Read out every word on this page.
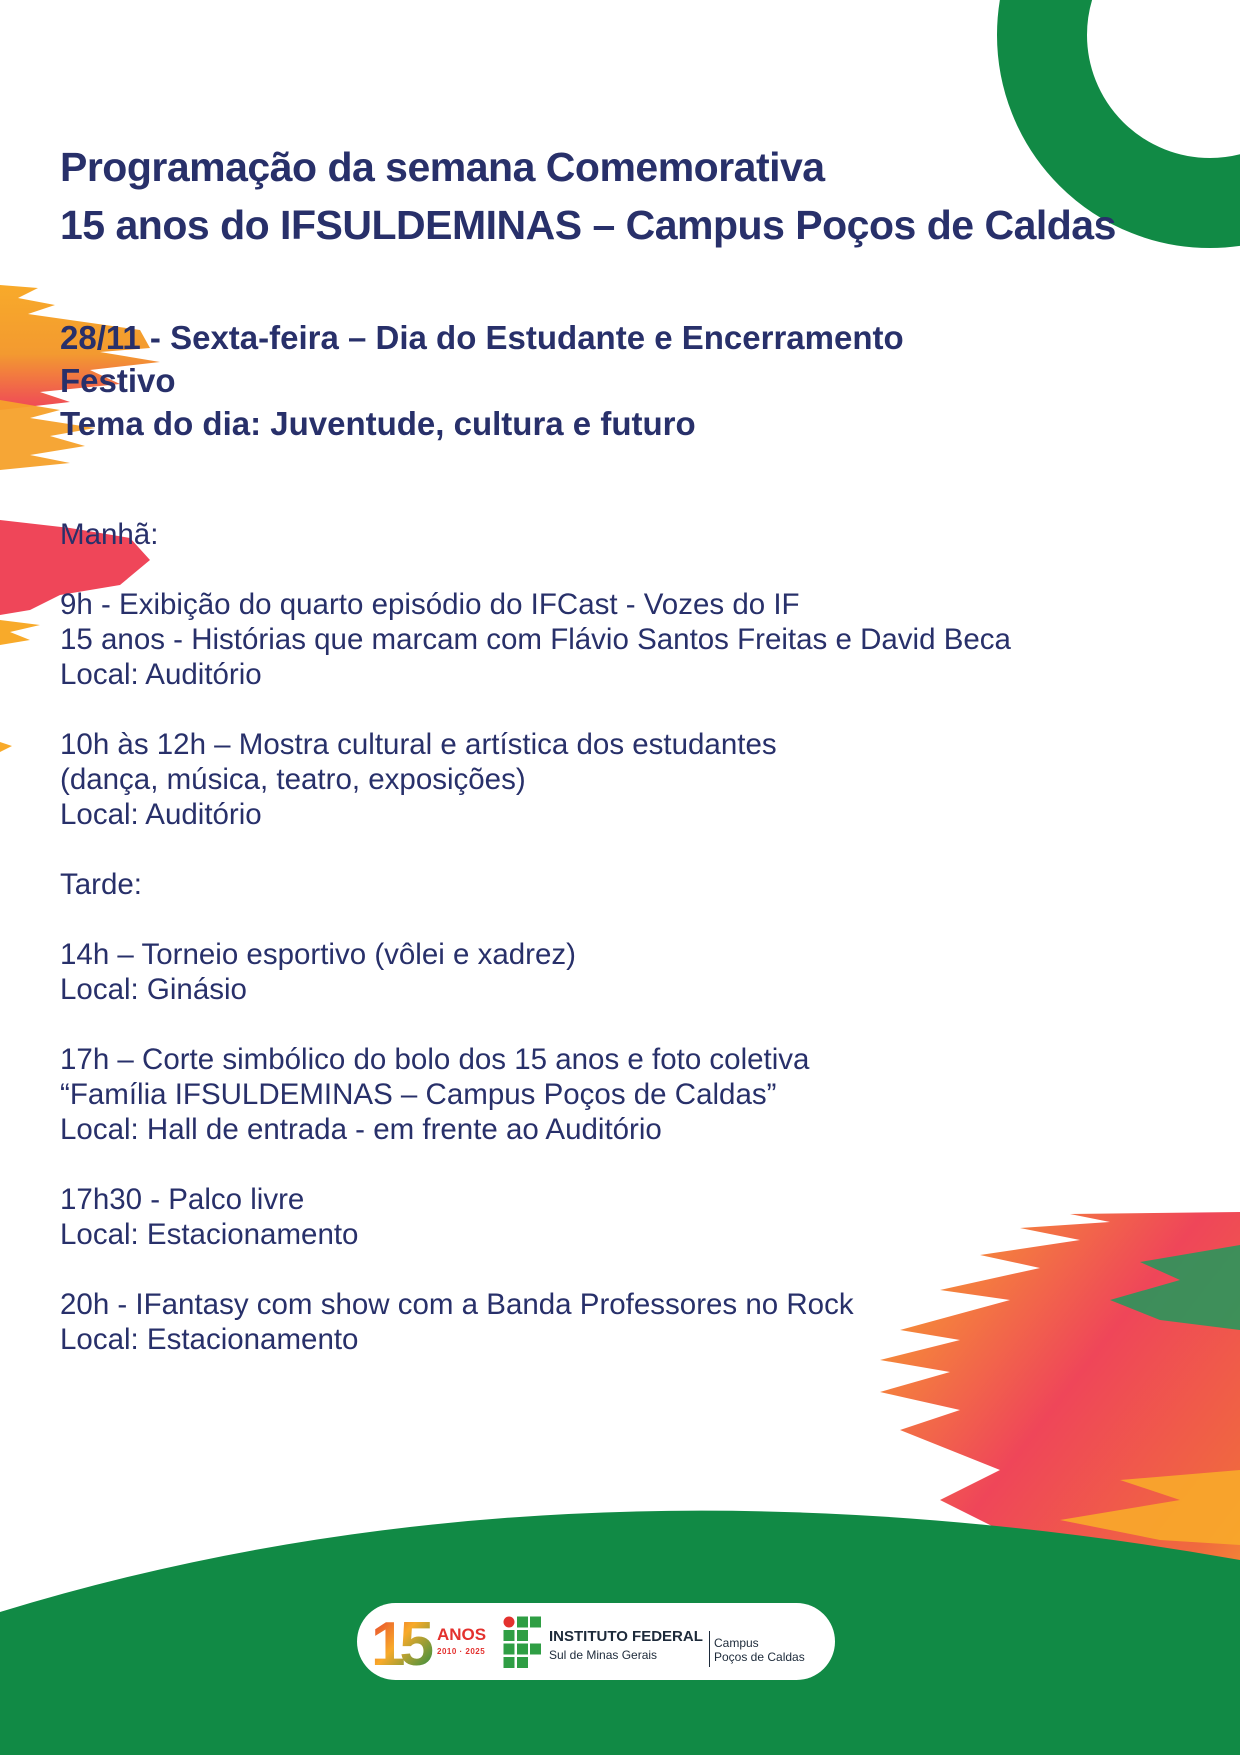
Programação da semana Comemorativa
15 anos do IFSULDEMINAS – Campus Poços de Caldas
28/11 - Sexta-feira – Dia do Estudante e Encerramento
Festivo
Tema do dia: Juventude, cultura e futuro
Manhã:
9h - Exibição do quarto episódio do IFCast - Vozes do IF
15 anos - Histórias que marcam com Flávio Santos Freitas e David Beca
Local: Auditório
10h às 12h – Mostra cultural e artística dos estudantes
(dança, música, teatro, exposições)
Local: Auditório
Tarde:
14h – Torneio esportivo (vôlei e xadrez)
Local: Ginásio
17h – Corte simbólico do bolo dos 15 anos e foto coletiva
“Família IFSULDEMINAS – Campus Poços de Caldas”
Local: Hall de entrada - em frente ao Auditório
17h30 - Palco livre
Local: Estacionamento
20h - IFantasy com show com a Banda Professores no Rock
Local: Estacionamento
15 ANOS
2010 · 2025
INSTITUTO FEDERAL
Sul de Minas Gerais
Campus
Poços de Caldas
